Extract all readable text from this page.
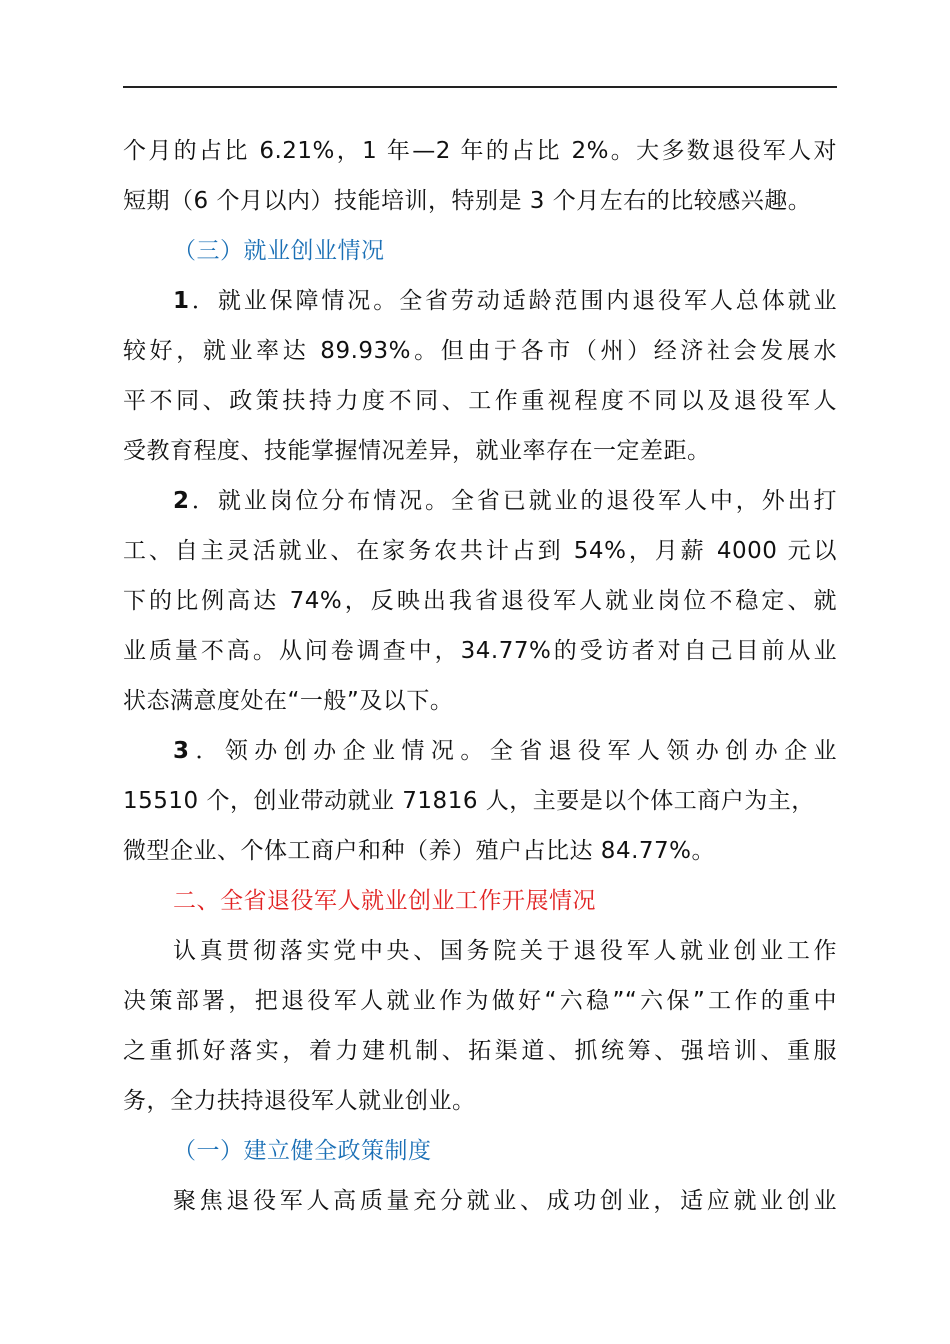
个月的占比 6.21%，1 年—2 年的占比 2%。大多数退役军人对
短期（6 个月以内）技能培训，特别是 3 个月左右的比较感兴趣。
（三）就业创业情况
1．就业保障情况。全省劳动适龄范围内退役军人总体就业
较好，就业率达 89.93%。但由于各市（州）经济社会发展水
平不同、政策扶持力度不同、工作重视程度不同以及退役军人
受教育程度、技能掌握情况差异，就业率存在一定差距。
2．就业岗位分布情况。全省已就业的退役军人中，外出打
工、自主灵活就业、在家务农共计占到 54%，月薪 4000 元以
下的比例高达 74%，反映出我省退役军人就业岗位不稳定、就
业质量不高。从问卷调查中，34.77%的受访者对自己目前从业
状态满意度处在“一般”及以下。
3．领办创办企业情况。全省退役军人领办创办企业
15510 个，创业带动就业 71816 人，主要是以个体工商户为主，
微型企业、个体工商户和种（养）殖户占比达 84.77%。
二、全省退役军人就业创业工作开展情况
认真贯彻落实党中央、国务院关于退役军人就业创业工作
决策部署，把退役军人就业作为做好“六稳”“六保”工作的重中
之重抓好落实，着力建机制、拓渠道、抓统筹、强培训、重服
务，全力扶持退役军人就业创业。
（一）建立健全政策制度
聚焦退役军人高质量充分就业、成功创业，适应就业创业
